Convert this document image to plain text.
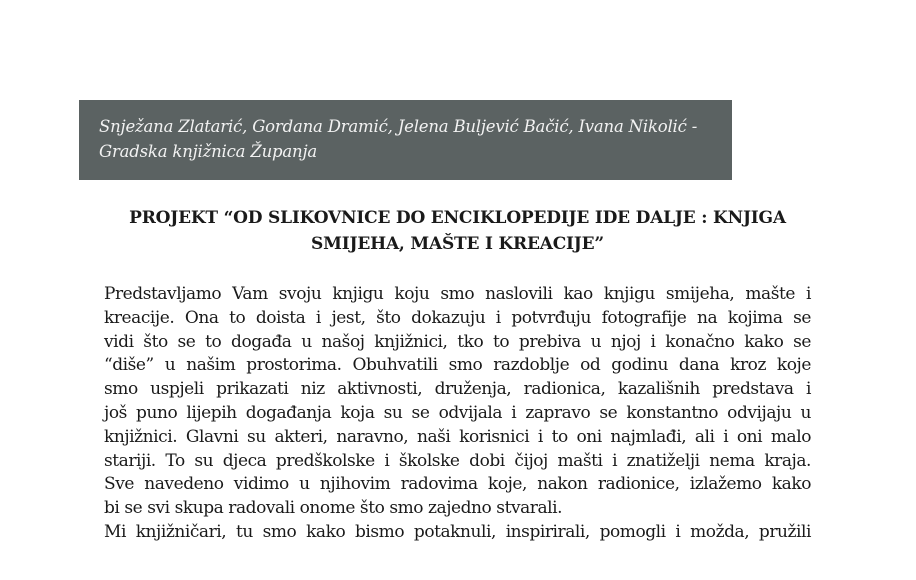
Snježana Zlatarić, Gordana Dramić, Jelena Buljević Bačić, Ivana Nikolić -
Gradska knjižnica Županja
PROJEKT “OD SLIKOVNICE DO ENCIKLOPEDIJE IDE DALJE : KNJIGA
SMIJEHA, MAŠTE I KREACIJE”
Predstavljamo Vam svoju knjigu koju smo naslovili kao knjigu smijeha, mašte i
kreacije. Ona to doista i jest, što dokazuju i potvrđuju fotografije na kojima se
vidi što se to događa u našoj knjižnici, tko to prebiva u njoj i konačno kako se
“diše” u našim prostorima. Obuhvatili smo razdoblje od godinu dana kroz koje
smo uspjeli prikazati niz aktivnosti, druženja, radionica, kazališnih predstava i
još puno lijepih događanja koja su se odvijala i zapravo se konstantno odvijaju u
knjižnici. Glavni su akteri, naravno, naši korisnici i to oni najmlađi, ali i oni malo
stariji. To su djeca predškolske i školske dobi čijoj mašti i znatiželji nema kraja.
Sve navedeno vidimo u njihovim radovima koje, nakon radionice, izlažemo kako
bi se svi skupa radovali onome što smo zajedno stvarali.
Mi knjižničari, tu smo kako bismo potaknuli, inspirirali, pomogli i možda, pružili
